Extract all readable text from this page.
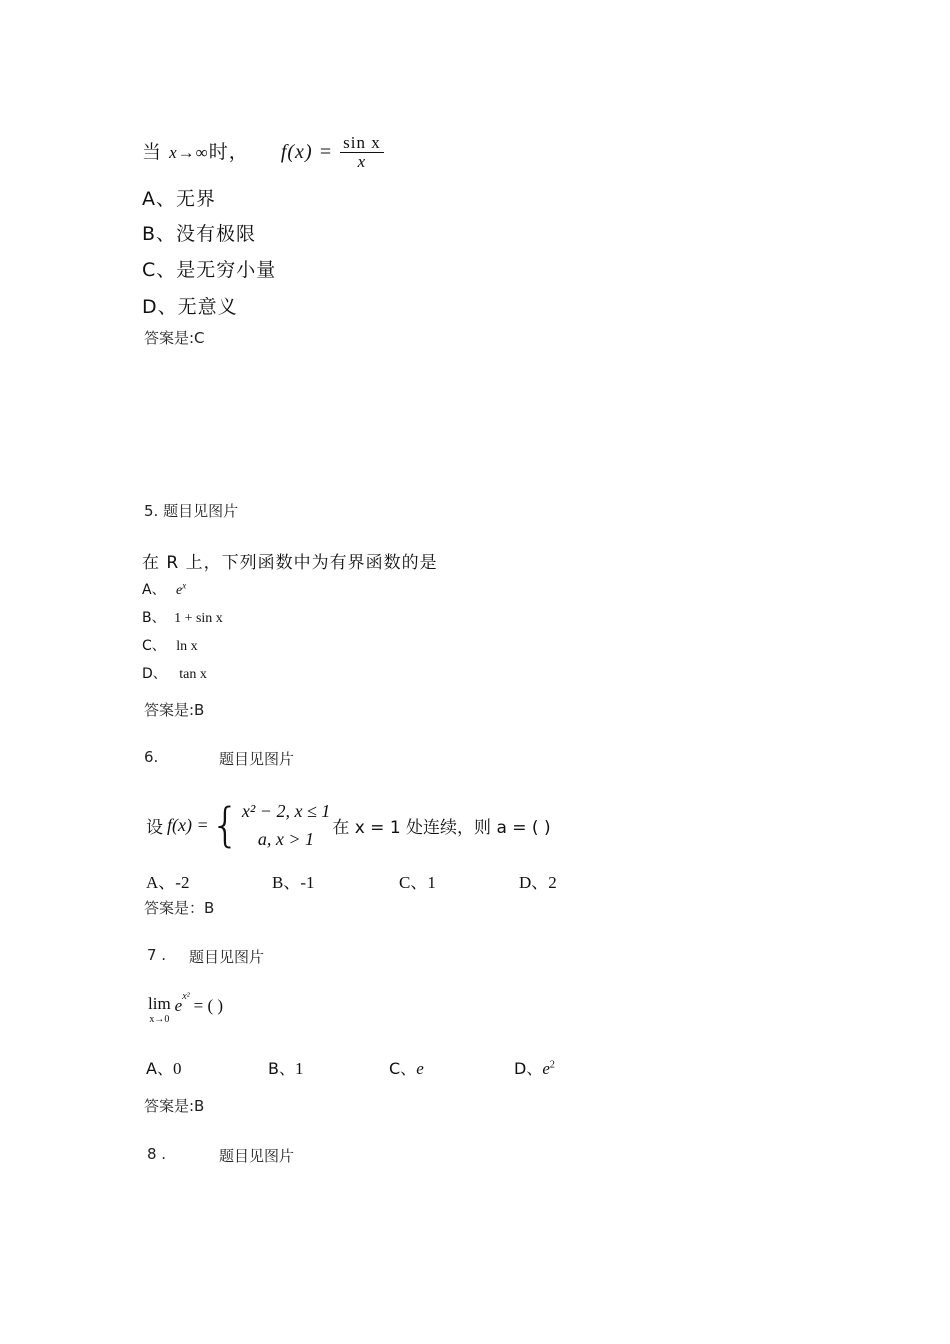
当 x→∞时， $f(x) = \frac{\text{sin x}}{x}$
A、无界
B、没有极限
C、是无穷小量
D、无意义
答案是:C
5. 题目见图片
在 R 上，下列函数中为有界函数的是
A、 $e^x$
B、 1 + sin x
C、 ln x
D、 tan x
答案是:B
6.	题目见图片
设 f(x) = { x² − 2, x ≤ 1
a, x > 1
在 x = 1 处连续，则 a = ( )
A、-2	B、-1	C、1	D、2
答案是：B
7 . 题目见图片
lim
x→0
e x² = ( )
A、0	B、1	C、e	D、$e^2$
答案是:B
8 .	题目见图片
